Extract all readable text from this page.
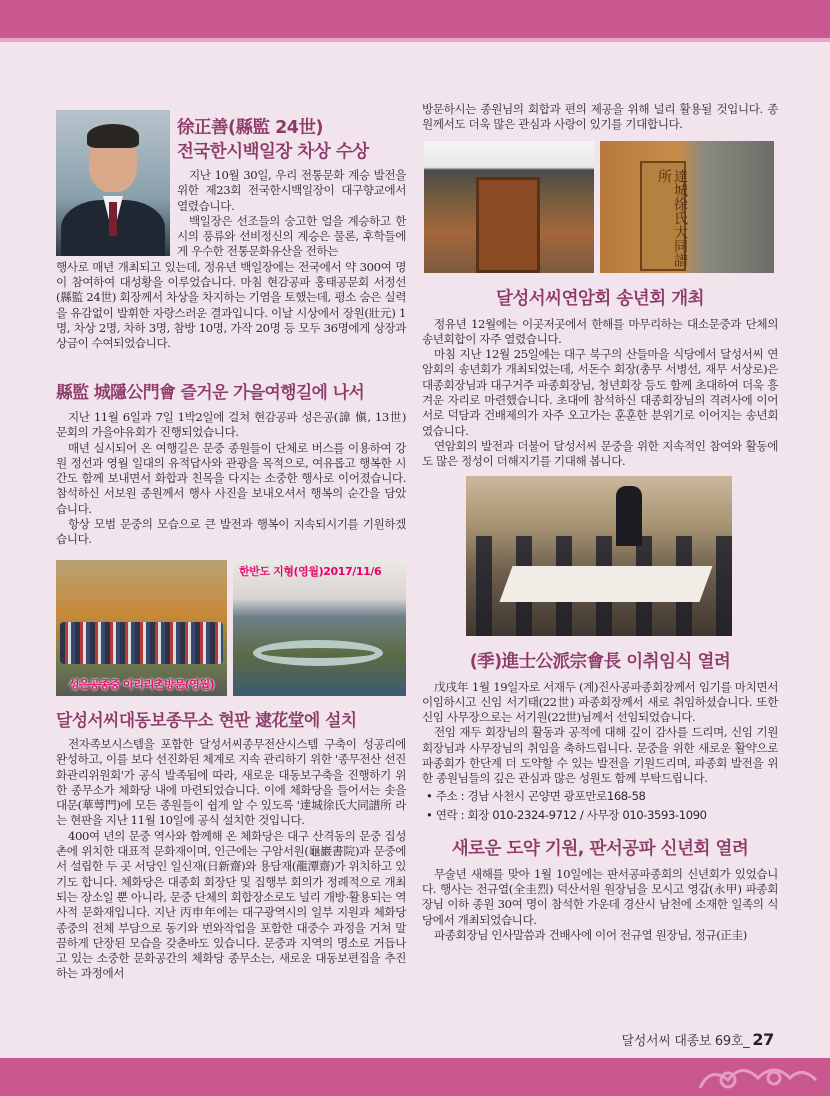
徐正善(縣監 24世)
전국한시백일장 차상 수상

지난 10월 30일, 우리 전통문화 계승 발전을 위한 제23회 전국한시백일장이 대구향교에서 열렸습니다.

백일장은 선조들의 숭고한 얼을 계승하고 한시의 풍류와 선비정신의 계승은 물론, 후학들에게 우수한 전통문화유산을 전하는

행사로 매년 개최되고 있는데, 정유년 백일장에는 전국에서 약 300여 명이 참여하여 대성황을 이루었습니다. 마침 현감공파 홍태공문회 서정선(縣監 24世) 회장께서 차상을 차지하는 기염을 토했는데, 평소 숨은 실력을 유감없이 발휘한 자랑스러운 결과입니다. 이날 시상에서 장원(壯元) 1명, 차상 2명, 차하 3명, 참방 10명, 가작 20명 등 모두 36명에게 상장과 상금이 수여되었습니다.

縣監 城隱公門會 즐거운 가을여행길에 나서

지난 11월 6일과 7일 1박2일에 걸쳐 현감공파 성은공(諱 愼, 13世) 문회의 가을야유회가 진행되었습니다.

매년 실시되어 온 여행길은 문중 종원들이 단체로 버스를 이용하여 강원 정선과 영월 일대의 유적답사와 관광을 목적으로, 여유롭고 행복한 시간도 함께 보내면서 화합과 친목을 다지는 소중한 행사로 이어졌습니다. 참석하신 서보원 종원께서 행사 사진을 보내오셔서 행복의 순간을 담았습니다.

항상 모범 문중의 모습으로 큰 발전과 행복이 지속되시기를 기원하겠습니다.

성은공종중 아리리촌방문(영월)
한반도 지형(영월)2017/11/6
달성서씨대동보종무소 현판 逮花堂에 설치

전자족보시스템을 포함한 달성서씨종무전산시스템 구축이 성공리에 완성하고, 이를 보다 선진화된 체계로 지속 관리하기 위한 '종무전산 선진화관리위원회'가 공식 발족됨에 따라, 새로운 대동보구축을 진행하기 위한 종무소가 체화당 내에 마련되었습니다. 이에 체화당을 들어서는 솟을 대문(華萼門)에 모든 종원들이 쉽게 알 수 있도록 '達城徐氏大同譜所 라는 현판을 지난 11월 10일에 공식 설치한 것입니다.

400여 년의 문중 역사와 함께해 온 체화당은 대구 산격동의 문중 집성촌에 위치한 대표적 문화재이며, 인근에는 구암서원(龜巖書院)과 문중에서 설립한 두 곳 서당인 일신재(日新齋)와 용담재(龍潭齋)가 위치하고 있기도 합니다. 체화당은 대종회 회장단 및 집행부 회의가 정례적으로 개최되는 장소일 뿐 아니라, 문중 단체의 회합장소로도 널리 개방·활용되는 역사적 문화재입니다. 지난 丙申年에는 대구광역시의 일부 지원과 체화당종중의 전체 부담으로 동기와 번와작업을 포함한 대중수 과정을 거쳐 말끔하게 단장된 모습을 갖춘바도 있습니다. 문중과 지역의 명소로 거듭나고 있는 소중한 문화공간의 체화당 종무소는, 새로운 대동보편집을 추진하는 과정에서

방문하시는 종원님의 회합과 편의 제공을 위해 널리 활용될 것입니다. 종원께서도 더욱 많은 관심과 사랑이 있기를 기대합니다.

達城徐氏大同譜所
달성서씨연암회 송년회 개최

정유년 12월에는 이곳저곳에서 한해를 마무리하는 대소문중과 단체의 송년회합이 자주 열렸습니다.

마침 지난 12월 25일에는 대구 북구의 산들마을 식당에서 달성서씨 연암회의 송년회가 개최되었는데, 서돈수 회장(총무 서병선, 재무 서상로)은 대종회장님과 대구거주 파종회장님, 청년회장 등도 함께 초대하여 더욱 흥겨운 자리로 마련했습니다. 초대에 참석하신 대종회장님의 격려사에 이어 서로 덕담과 건배제의가 자주 오고가는 훈훈한 분위기로 이어지는 송년회였습니다.

연암회의 발전과 더불어 달성서씨 문중을 위한 지속적인 참여와 활동에도 많은 정성이 더해지기를 기대해 봅니다.

(季)進士公派宗會長 이취임식 열려

戊戌年 1월 19일자로 서재두 (계)진사공파종회장께서 임기를 마치면서 이임하시고 신임 서기태(22世) 파종회장께서 새로 취임하셨습니다. 또한 신임 사무장으로는 서기원(22世)님께서 선임되었습니다.

전임 재두 회장님의 활동과 공적에 대해 깊이 감사를 드리며, 신임 기원 회장님과 사무장님의 취임을 축하드립니다. 문중을 위한 새로운 활약으로 파종회가 한단계 더 도약할 수 있는 발전을 기원드리며, 파종회 발전을 위한 종원님들의 깊은 관심과 많은 성원도 함께 부탁드립니다.

• 주소 : 경남 사천시 곤양면 광포만로168-58
• 연락 : 회장 010-2324-9712 / 사무장 010-3593-1090
새로운 도약 기원, 판서공파 신년회 열려

무술년 새해를 맞아 1월 10일에는 판서공파종회의 신년회가 있었습니다. 행사는 전규열(全圭烈) 덕산서원 원장님을 모시고 영갑(永甲) 파종회장님 이하 종원 30여 명이 참석한 가운데 경산시 남천에 소재한 일족의 식당에서 개최되었습니다.

파종회장님 인사말씀과 건배사에 이어 전규열 원장님, 정규(正圭)

달성서씨 대종보 69호_ 27
